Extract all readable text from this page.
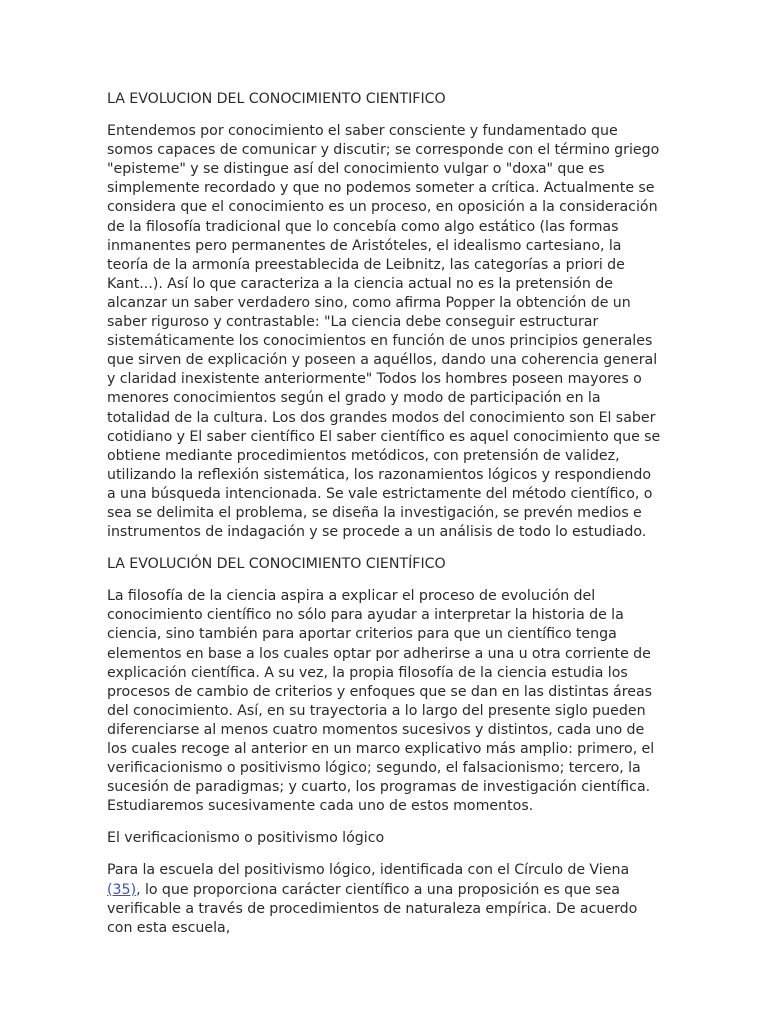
LA EVOLUCION DEL CONOCIMIENTO CIENTIFICO

Entendemos por conocimiento el saber consciente y fundamentado que somos capaces de comunicar y discutir; se corresponde con el término griego "episteme" y se distingue así del conocimiento vulgar o "doxa" que es simplemente recordado y que no podemos someter a crítica. Actualmente se considera que el conocimiento es un proceso, en oposición a la consideración de la filosofía tradicional que lo concebía como algo estático (las formas inmanentes pero permanentes de Aristóteles, el idealismo cartesiano, la teoría de la armonía preestablecida de Leibnitz, las categorías a priori de Kant...). Así lo que caracteriza a la ciencia actual no es la pretensión de alcanzar un saber verdadero sino, como afirma Popper la obtención de un saber riguroso y contrastable: "La ciencia debe conseguir estructurar sistemáticamente los conocimientos en función de unos principios generales que sirven de explicación y poseen a aquéllos, dando una coherencia general y claridad inexistente anteriormente" Todos los hombres poseen mayores o menores conocimientos según el grado y modo de participación en la totalidad de la cultura. Los dos grandes modos del conocimiento son El saber cotidiano y El saber científico El saber científico es aquel conocimiento que se obtiene mediante procedimientos metódicos, con pretensión de validez, utilizando la reflexión sistemática, los razonamientos lógicos y respondiendo a una búsqueda intencionada. Se vale estrictamente del método científico, o sea se delimita el problema, se diseña la investigación, se prevén medios e instrumentos de indagación y se procede a un análisis de todo lo estudiado.

LA EVOLUCIÓN DEL CONOCIMIENTO CIENTÍFICO

La filosofía de la ciencia aspira a explicar el proceso de evolución del conocimiento científico no sólo para ayudar a interpretar la historia de la ciencia, sino también para aportar criterios para que un científico tenga elementos en base a los cuales optar por adherirse a una u otra corriente de explicación científica. A su vez, la propia filosofía de la ciencia estudia los procesos de cambio de criterios y enfoques que se dan en las distintas áreas del conocimiento. Así, en su trayectoria a lo largo del presente siglo pueden diferenciarse al menos cuatro momentos sucesivos y distintos, cada uno de los cuales recoge al anterior en un marco explicativo más amplio: primero, el verificacionismo o positivismo lógico; segundo, el falsacionismo; tercero, la sucesión de paradigmas; y cuarto, los programas de investigación científica. Estudiaremos sucesivamente cada uno de estos momentos.

El verificacionismo o positivismo lógico

Para la escuela del positivismo lógico, identificada con el Círculo de Viena (35), lo que proporciona carácter científico a una proposición es que sea verificable a través de procedimientos de naturaleza empírica. De acuerdo con esta escuela,
